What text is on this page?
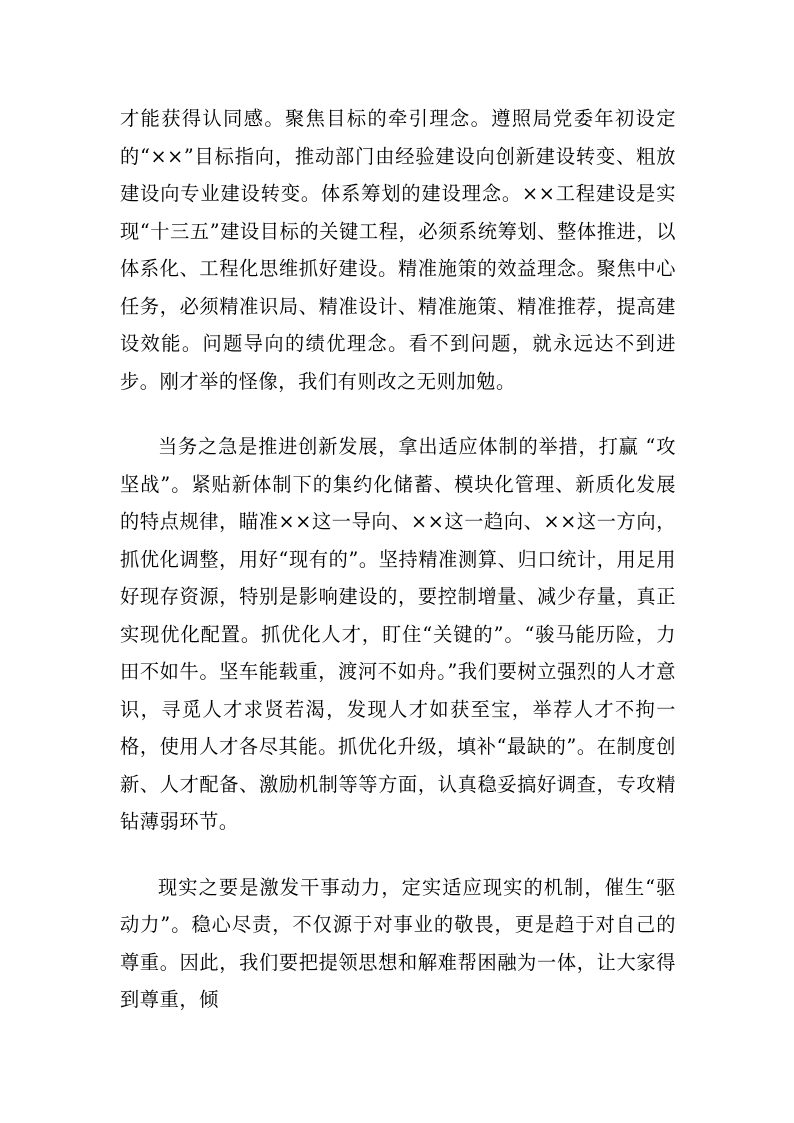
才能获得认同感。聚焦目标的牵引理念。遵照局党委年初设定的“××”目标指向，推动部门由经验建设向创新建设转变、粗放建设向专业建设转变。体系筹划的建设理念。××工程建设是实现“十三五”建设目标的关键工程，必须系统筹划、整体推进，以体系化、工程化思维抓好建设。精准施策的效益理念。聚焦中心任务，必须精准识局、精准设计、精准施策、精准推荐，提高建设效能。问题导向的绩优理念。看不到问题，就永远达不到进步。刚才举的怪像，我们有则改之无则加勉。

当务之急是推进创新发展，拿出适应体制的举措，打赢 “攻坚战”。紧贴新体制下的集约化储蓄、模块化管理、新质化发展的特点规律，瞄准××这一导向、××这一趋向、××这一方向，抓优化调整，用好“现有的”。坚持精准测算、归口统计，用足用好现存资源，特别是影响建设的，要控制增量、减少存量，真正实现优化配置。抓优化人才，盯住“关键的”。“骏马能历险，力田不如牛。坚车能载重，渡河不如舟。”我们要树立强烈的人才意识，寻觅人才求贤若渴，发现人才如获至宝，举荐人才不拘一格，使用人才各尽其能。抓优化升级，填补“最缺的”。在制度创新、人才配备、激励机制等等方面，认真稳妥搞好调查，专攻精钻薄弱环节。

现实之要是激发干事动力，定实适应现实的机制，催生“驱动力”。稳心尽责，不仅源于对事业的敬畏，更是趋于对自己的尊重。因此，我们要把提领思想和解难帮困融为一体，让大家得到尊重，倾
